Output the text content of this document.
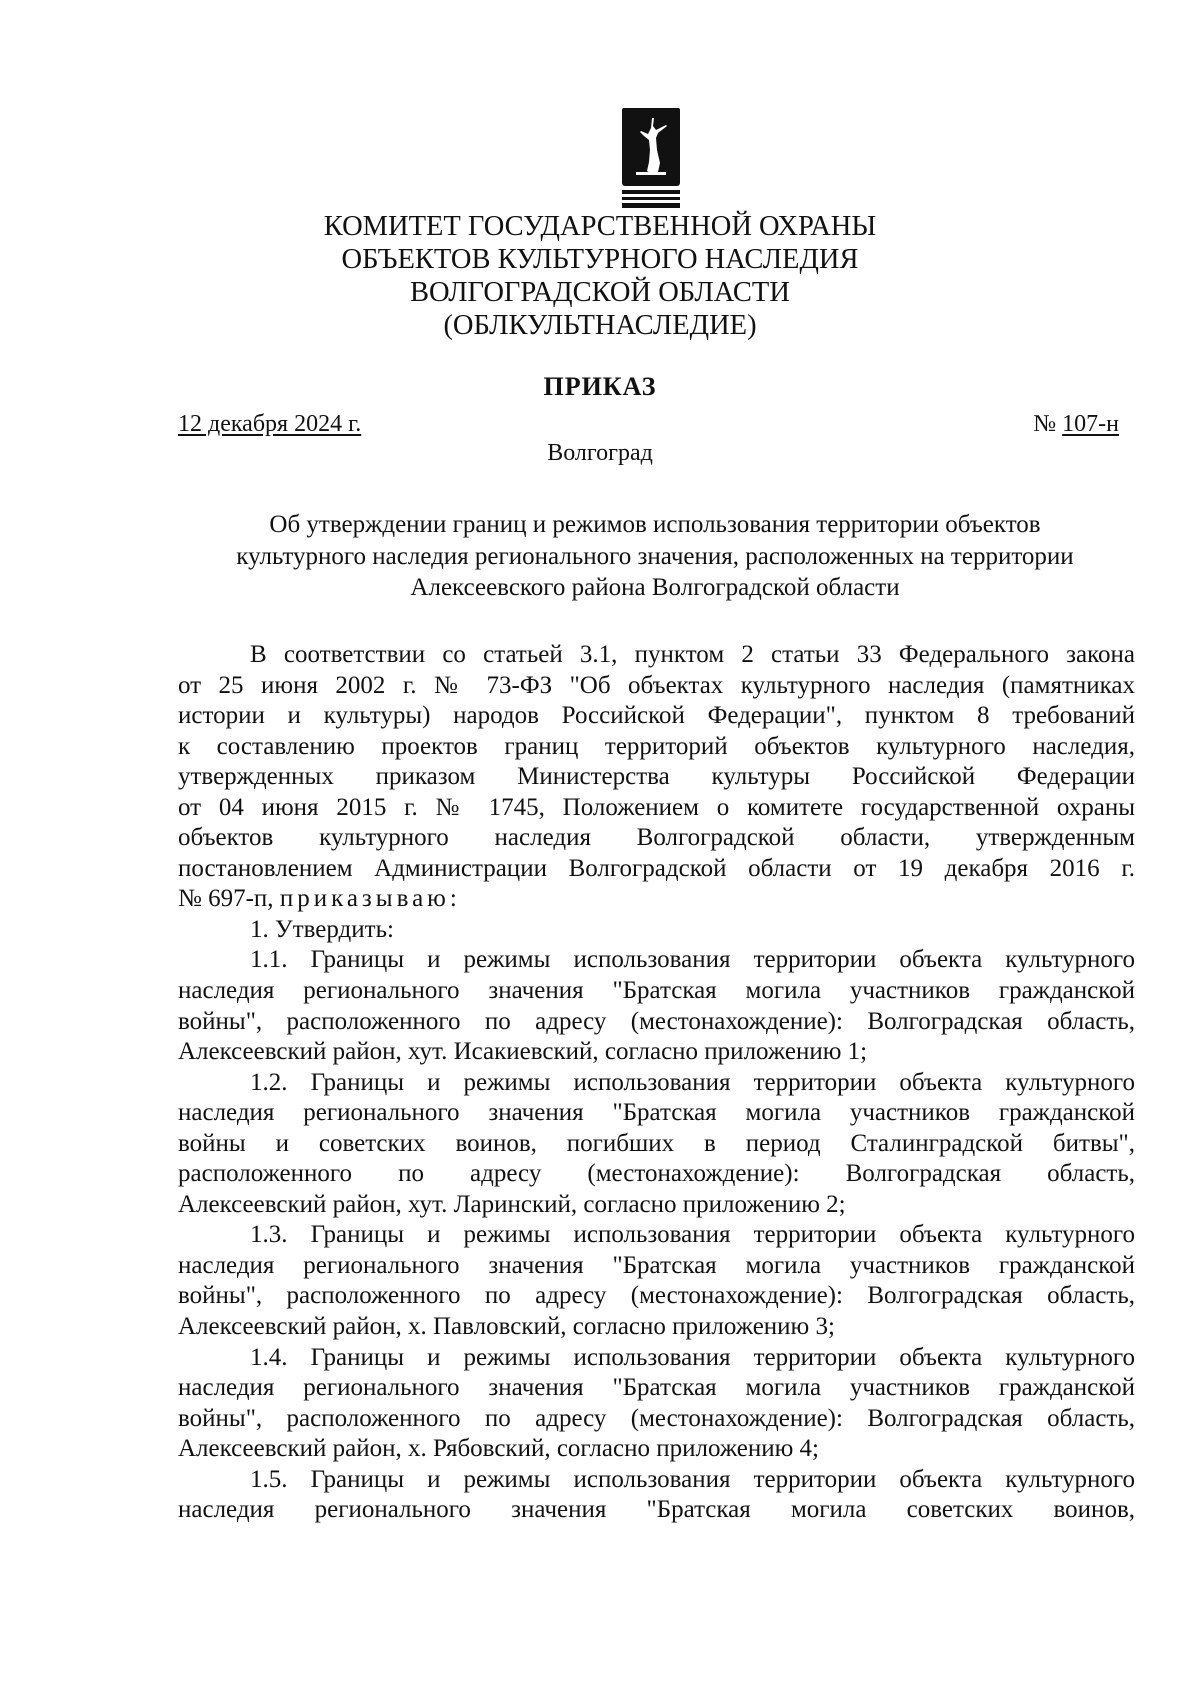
КОМИТЕТ ГОСУДАРСТВЕННОЙ ОХРАНЫ
ОБЪЕКТОВ КУЛЬТУРНОГО НАСЛЕДИЯ
ВОЛГОГРАДСКОЙ ОБЛАСТИ
(ОБЛКУЛЬТНАСЛЕДИЕ)
ПРИКАЗ
12 декабря 2024 г.	№ 107-н
Волгоград
Об утверждении границ и режимов использования территории объектов
культурного наследия регионального значения, расположенных на территории
Алексеевского района Волгоградской области
В соответствии со статьей 3.1, пунктом 2 статьи 33 Федерального закона
от 25 июня 2002 г. № 73-ФЗ "Об объектах культурного наследия (памятниках
истории и культуры) народов Российской Федерации", пунктом 8 требований
к составлению проектов границ территорий объектов культурного наследия,
утвержденных приказом Министерства культуры Российской Федерации
от 04 июня 2015 г. № 1745, Положением о комитете государственной охраны
объектов культурного наследия Волгоградской области, утвержденным
постановлением Администрации Волгоградской области от 19 декабря 2016 г.
№ 697-п, приказываю:
1. Утвердить:
1.1. Границы и режимы использования территории объекта культурного
наследия регионального значения "Братская могила участников гражданской
войны", расположенного по адресу (местонахождение): Волгоградская область,
Алексеевский район, хут. Исакиевский, согласно приложению 1;
1.2. Границы и режимы использования территории объекта культурного
наследия регионального значения "Братская могила участников гражданской
войны и советских воинов, погибших в период Сталинградской битвы",
расположенного по адресу (местонахождение): Волгоградская область,
Алексеевский район, хут. Ларинский, согласно приложению 2;
1.3. Границы и режимы использования территории объекта культурного
наследия регионального значения "Братская могила участников гражданской
войны", расположенного по адресу (местонахождение): Волгоградская область,
Алексеевский район, х. Павловский, согласно приложению 3;
1.4. Границы и режимы использования территории объекта культурного
наследия регионального значения "Братская могила участников гражданской
войны", расположенного по адресу (местонахождение): Волгоградская область,
Алексеевский район, х. Рябовский, согласно приложению 4;
1.5. Границы и режимы использования территории объекта культурного
наследия регионального значения "Братская могила советских воинов,
